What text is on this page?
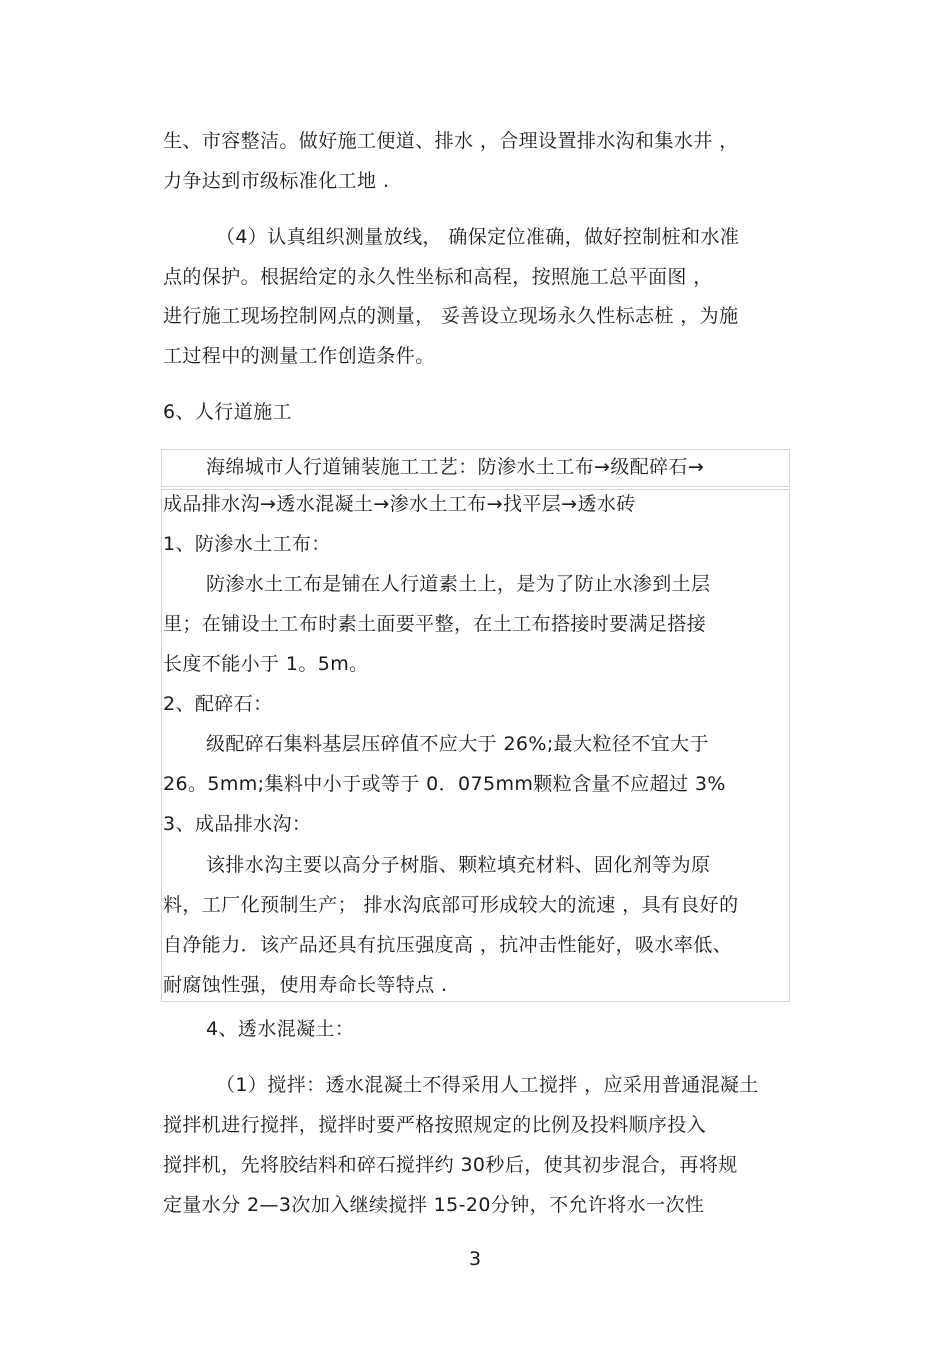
生、市容整洁。做好施工便道、排水 ，合理设置排水沟和集水井 ，
力争达到市级标准化工地 .
（4）认真组织测量放线， 确保定位准确，做好控制桩和水准
点的保护。根据给定的永久性坐标和高程，按照施工总平面图 ，
进行施工现场控制网点的测量， 妥善设立现场永久性标志桩 ，为施
工过程中的测量工作创造条件。
6、人行道施工
海绵城市人行道铺装施工工艺：防渗水土工布→级配碎石→
成品排水沟→透水混凝土→渗水土工布→找平层→透水砖
1、防渗水土工布：
防渗水土工布是铺在人行道素土上，是为了防止水渗到土层
里；在铺设土工布时素土面要平整，在土工布搭接时要满足搭接
长度不能小于 1。5m。
2、配碎石：
级配碎石集料基层压碎值不应大于 26%;最大粒径不宜大于
26。5mm;集料中小于或等于 0．075mm颗粒含量不应超过 3%
3、成品排水沟：
该排水沟主要以高分子树脂、颗粒填充材料、固化剂等为原
料，工厂化预制生产； 排水沟底部可形成较大的流速 ，具有良好的
自净能力．该产品还具有抗压强度高 ，抗冲击性能好，吸水率低、
耐腐蚀性强，使用寿命长等特点 .
4、透水混凝土：
（1）搅拌：透水混凝土不得采用人工搅拌 ，应采用普通混凝土
搅拌机进行搅拌，搅拌时要严格按照规定的比例及投料顺序投入
搅拌机，先将胶结料和碎石搅拌约 30秒后，使其初步混合，再将规
定量水分 2—3次加入继续搅拌 15-20分钟，不允许将水一次性
3
